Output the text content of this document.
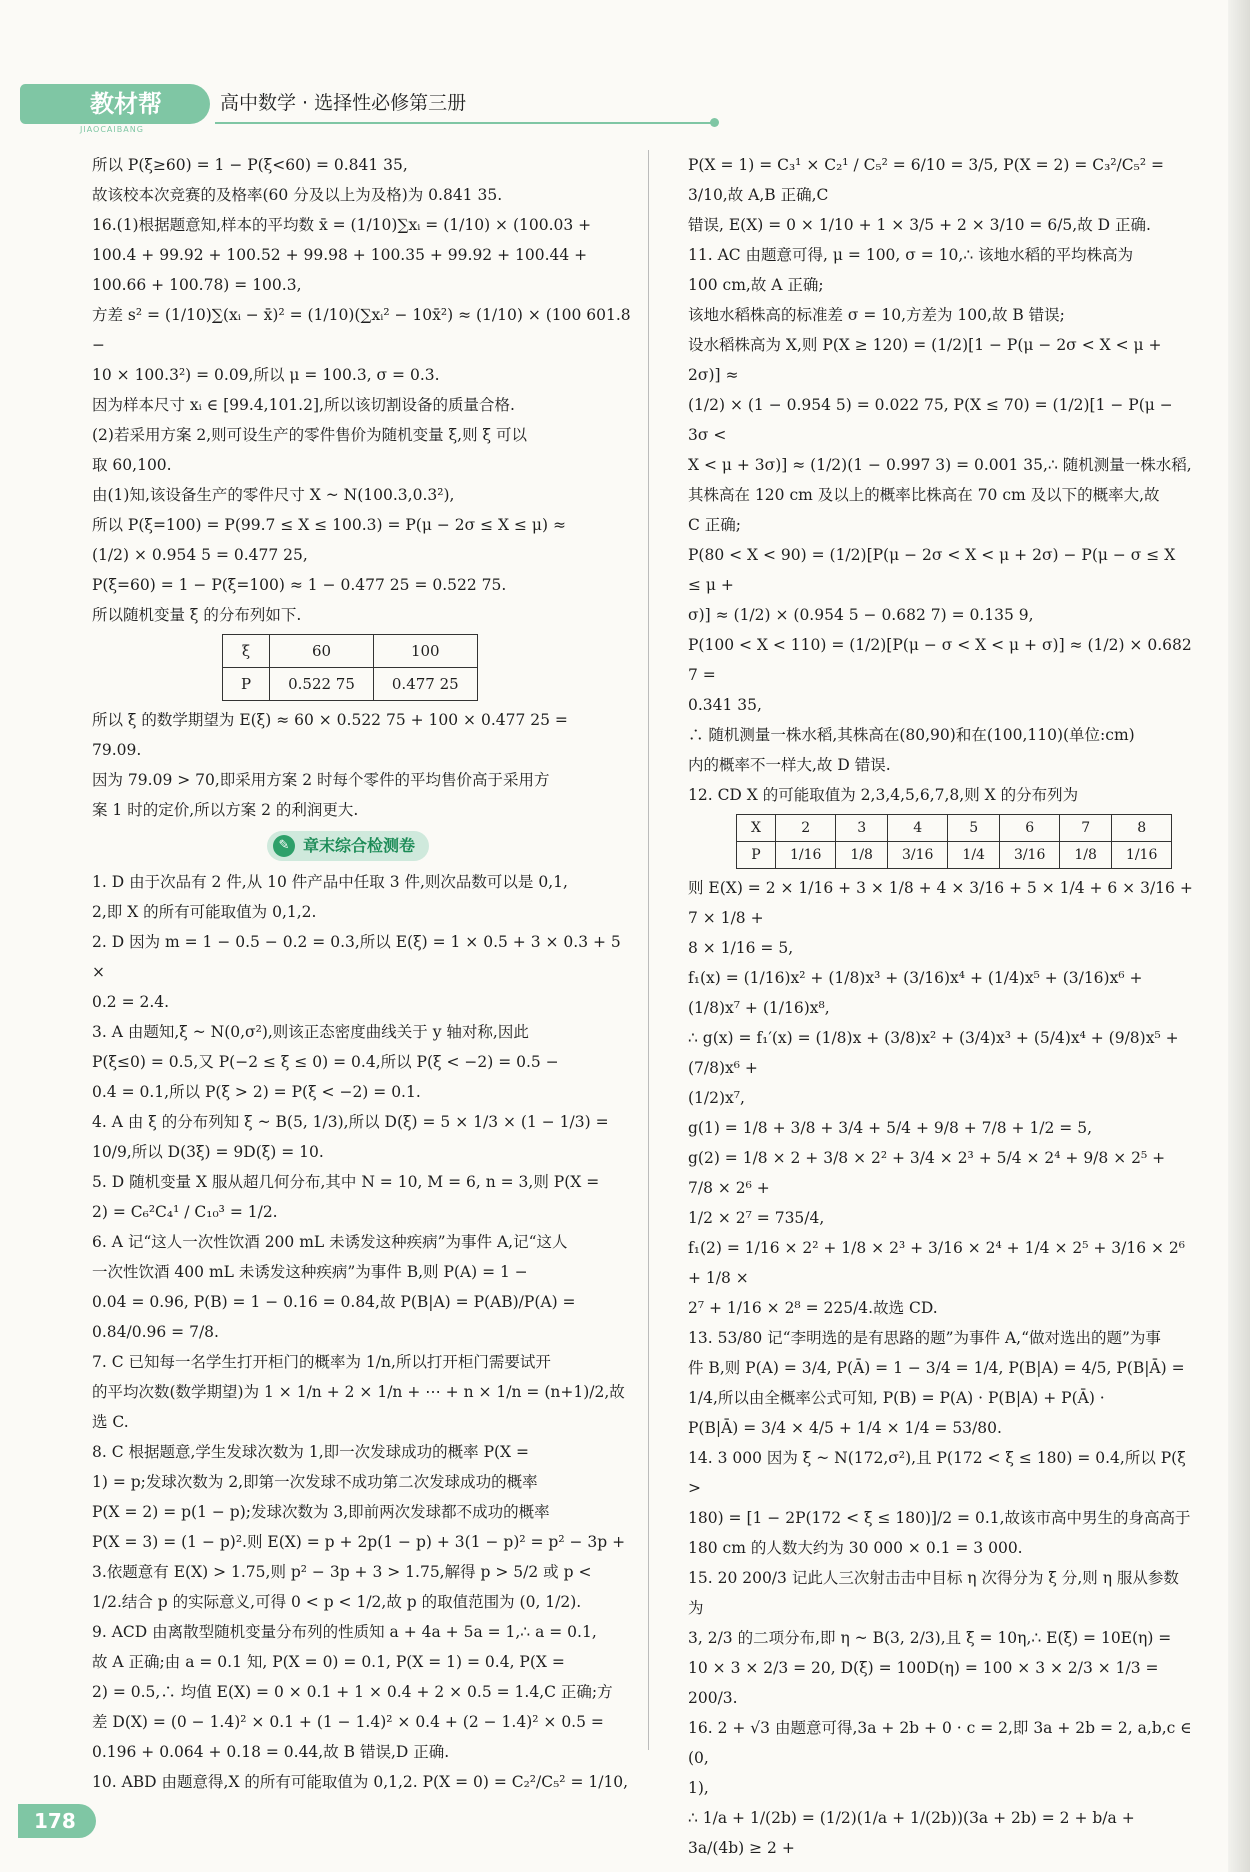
教材帮
JIAOCAIBANG
高中数学 · 选择性必修第三册

所以 P(ξ≥60) = 1 − P(ξ<60) = 0.841 35,

故该校本次竞赛的及格率(60 分及以上为及格)为 0.841 35.

16.(1)根据题意知,样本的平均数 x̄ = (1/10)∑xᵢ = (1/10) × (100.03 +

100.4 + 99.92 + 100.52 + 99.98 + 100.35 + 99.92 + 100.44 +

100.66 + 100.78) = 100.3,

方差 s² = (1/10)∑(xᵢ − x̄)² = (1/10)(∑xᵢ² − 10x̄²) ≈ (1/10) × (100 601.8 −

10 × 100.3²) = 0.09,所以 μ = 100.3, σ = 0.3.

因为样本尺寸 xᵢ ∈ [99.4,101.2],所以该切割设备的质量合格.

(2)若采用方案 2,则可设生产的零件售价为随机变量 ξ,则 ξ 可以

取 60,100.

由(1)知,该设备生产的零件尺寸 X ~ N(100.3,0.3²),

所以 P(ξ=100) = P(99.7 ≤ X ≤ 100.3) = P(μ − 2σ ≤ X ≤ μ) ≈

(1/2) × 0.954 5 = 0.477 25,

P(ξ=60) = 1 − P(ξ=100) ≈ 1 − 0.477 25 = 0.522 75.

所以随机变量 ξ 的分布列如下.

ξ	60	100
P	0.522 75	0.477 25

所以 ξ 的数学期望为 E(ξ) ≈ 60 × 0.522 75 + 100 × 0.477 25 =

79.09.

因为 79.09 > 70,即采用方案 2 时每个零件的平均售价高于采用方

案 1 时的定价,所以方案 2 的利润更大.

✎ 章末综合检测卷

1. D 由于次品有 2 件,从 10 件产品中任取 3 件,则次品数可以是 0,1,

2,即 X 的所有可能取值为 0,1,2.

2. D 因为 m = 1 − 0.5 − 0.2 = 0.3,所以 E(ξ) = 1 × 0.5 + 3 × 0.3 + 5 ×

0.2 = 2.4.

3. A 由题知,ξ ~ N(0,σ²),则该正态密度曲线关于 y 轴对称,因此

P(ξ≤0) = 0.5,又 P(−2 ≤ ξ ≤ 0) = 0.4,所以 P(ξ < −2) = 0.5 −

0.4 = 0.1,所以 P(ξ > 2) = P(ξ < −2) = 0.1.

4. A 由 ξ 的分布列知 ξ ~ B(5, 1/3),所以 D(ξ) = 5 × 1/3 × (1 − 1/3) =

10/9,所以 D(3ξ) = 9D(ξ) = 10.

5. D 随机变量 X 服从超几何分布,其中 N = 10, M = 6, n = 3,则 P(X =

2) = C₆²C₄¹ / C₁₀³ = 1/2.

6. A 记“这人一次性饮酒 200 mL 未诱发这种疾病”为事件 A,记“这人

一次性饮酒 400 mL 未诱发这种疾病”为事件 B,则 P(A) = 1 −

0.04 = 0.96, P(B) = 1 − 0.16 = 0.84,故 P(B|A) = P(AB)/P(A) =

0.84/0.96 = 7/8.

7. C 已知每一名学生打开柜门的概率为 1/n,所以打开柜门需要试开

的平均次数(数学期望)为 1 × 1/n + 2 × 1/n + ⋯ + n × 1/n = (n+1)/2,故

选 C.

8. C 根据题意,学生发球次数为 1,即一次发球成功的概率 P(X =

1) = p;发球次数为 2,即第一次发球不成功第二次发球成功的概率

P(X = 2) = p(1 − p);发球次数为 3,即前两次发球都不成功的概率

P(X = 3) = (1 − p)².则 E(X) = p + 2p(1 − p) + 3(1 − p)² = p² − 3p +

3.依题意有 E(X) > 1.75,则 p² − 3p + 3 > 1.75,解得 p > 5/2 或 p <

1/2.结合 p 的实际意义,可得 0 < p < 1/2,故 p 的取值范围为 (0, 1/2).

9. ACD 由离散型随机变量分布列的性质知 a + 4a + 5a = 1,∴ a = 0.1,

故 A 正确;由 a = 0.1 知, P(X = 0) = 0.1, P(X = 1) = 0.4, P(X =

2) = 0.5,∴ 均值 E(X) = 0 × 0.1 + 1 × 0.4 + 2 × 0.5 = 1.4,C 正确;方

差 D(X) = (0 − 1.4)² × 0.1 + (1 − 1.4)² × 0.4 + (2 − 1.4)² × 0.5 =

0.196 + 0.064 + 0.18 = 0.44,故 B 错误,D 正确.

10. ABD 由题意得,X 的所有可能取值为 0,1,2. P(X = 0) = C₂²/C₅² = 1/10,

P(X = 1) = C₃¹ × C₂¹ / C₅² = 6/10 = 3/5, P(X = 2) = C₃²/C₅² = 3/10,故 A,B 正确,C

错误, E(X) = 0 × 1/10 + 1 × 3/5 + 2 × 3/10 = 6/5,故 D 正确.

11. AC 由题意可得, μ = 100, σ = 10,∴ 该地水稻的平均株高为

100 cm,故 A 正确;

该地水稻株高的标准差 σ = 10,方差为 100,故 B 错误;

设水稻株高为 X,则 P(X ≥ 120) = (1/2)[1 − P(μ − 2σ < X < μ + 2σ)] ≈

(1/2) × (1 − 0.954 5) = 0.022 75, P(X ≤ 70) = (1/2)[1 − P(μ − 3σ <

X < μ + 3σ)] ≈ (1/2)(1 − 0.997 3) = 0.001 35,∴ 随机测量一株水稻,

其株高在 120 cm 及以上的概率比株高在 70 cm 及以下的概率大,故

C 正确;

P(80 < X < 90) = (1/2)[P(μ − 2σ < X < μ + 2σ) − P(μ − σ ≤ X ≤ μ +

σ)] ≈ (1/2) × (0.954 5 − 0.682 7) = 0.135 9,

P(100 < X < 110) = (1/2)[P(μ − σ < X < μ + σ)] ≈ (1/2) × 0.682 7 =

0.341 35,

∴ 随机测量一株水稻,其株高在(80,90)和在(100,110)(单位:cm)

内的概率不一样大,故 D 错误.

12. CD X 的可能取值为 2,3,4,5,6,7,8,则 X 的分布列为

X	2	3	4	5	6	7	8
P	1/16	1/8	3/16	1/4	3/16	1/8	1/16

则 E(X) = 2 × 1/16 + 3 × 1/8 + 4 × 3/16 + 5 × 1/4 + 6 × 3/16 + 7 × 1/8 +

8 × 1/16 = 5,

f₁(x) = (1/16)x² + (1/8)x³ + (3/16)x⁴ + (1/4)x⁵ + (3/16)x⁶ + (1/8)x⁷ + (1/16)x⁸,

∴ g(x) = f₁′(x) = (1/8)x + (3/8)x² + (3/4)x³ + (5/4)x⁴ + (9/8)x⁵ + (7/8)x⁶ +

(1/2)x⁷,

g(1) = 1/8 + 3/8 + 3/4 + 5/4 + 9/8 + 7/8 + 1/2 = 5,

g(2) = 1/8 × 2 + 3/8 × 2² + 3/4 × 2³ + 5/4 × 2⁴ + 9/8 × 2⁵ + 7/8 × 2⁶ +

1/2 × 2⁷ = 735/4,

f₁(2) = 1/16 × 2² + 1/8 × 2³ + 3/16 × 2⁴ + 1/4 × 2⁵ + 3/16 × 2⁶ + 1/8 ×

2⁷ + 1/16 × 2⁸ = 225/4.故选 CD.

13. 53/80 记“李明选的是有思路的题”为事件 A,“做对选出的题”为事

件 B,则 P(A) = 3/4, P(Ā) = 1 − 3/4 = 1/4, P(B|A) = 4/5, P(B|Ā) =

1/4,所以由全概率公式可知, P(B) = P(A) · P(B|A) + P(Ā) ·

P(B|Ā) = 3/4 × 4/5 + 1/4 × 1/4 = 53/80.

14. 3 000 因为 ξ ~ N(172,σ²),且 P(172 < ξ ≤ 180) = 0.4,所以 P(ξ >

180) = [1 − 2P(172 < ξ ≤ 180)]/2 = 0.1,故该市高中男生的身高高于

180 cm 的人数大约为 30 000 × 0.1 = 3 000.

15. 20 200/3 记此人三次射击击中目标 η 次得分为 ξ 分,则 η 服从参数为

3, 2/3 的二项分布,即 η ~ B(3, 2/3),且 ξ = 10η,∴ E(ξ) = 10E(η) =

10 × 3 × 2/3 = 20, D(ξ) = 100D(η) = 100 × 3 × 2/3 × 1/3 = 200/3.

16. 2 + √3 由题意可得,3a + 2b + 0 · c = 2,即 3a + 2b = 2, a,b,c ∈ (0,

1),

∴ 1/a + 1/(2b) = (1/2)(1/a + 1/(2b))(3a + 2b) = 2 + b/a + 3a/(4b) ≥ 2 +

178
